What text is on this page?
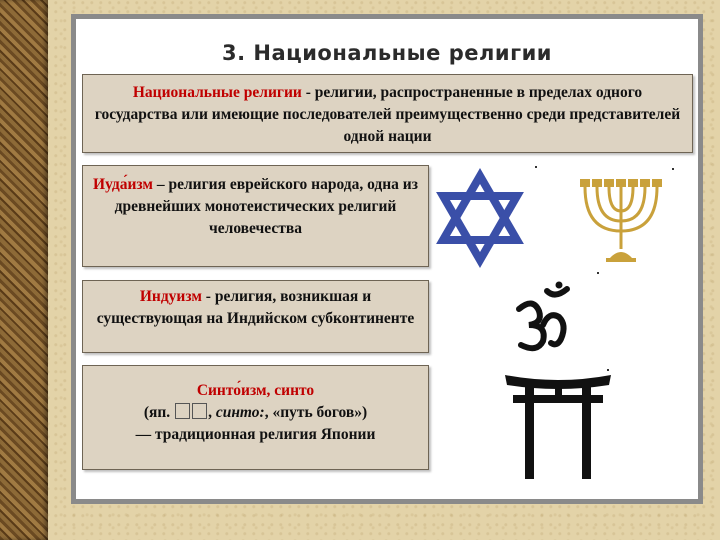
3. Национальные религии
Национальные религии - религии, распространенные в пределах одного государства или имеющие последователей преимущественно среди представителей одной нации
Иуда́изм – религия еврейского народа, одна из древнейших монотеистических религий человечества
Индуизм - религия, возникшая и существующая на Индийском субконтиненте
Синто́изм, синто
(яп. , синто:, «путь богов»)
— традиционная религия Японии
